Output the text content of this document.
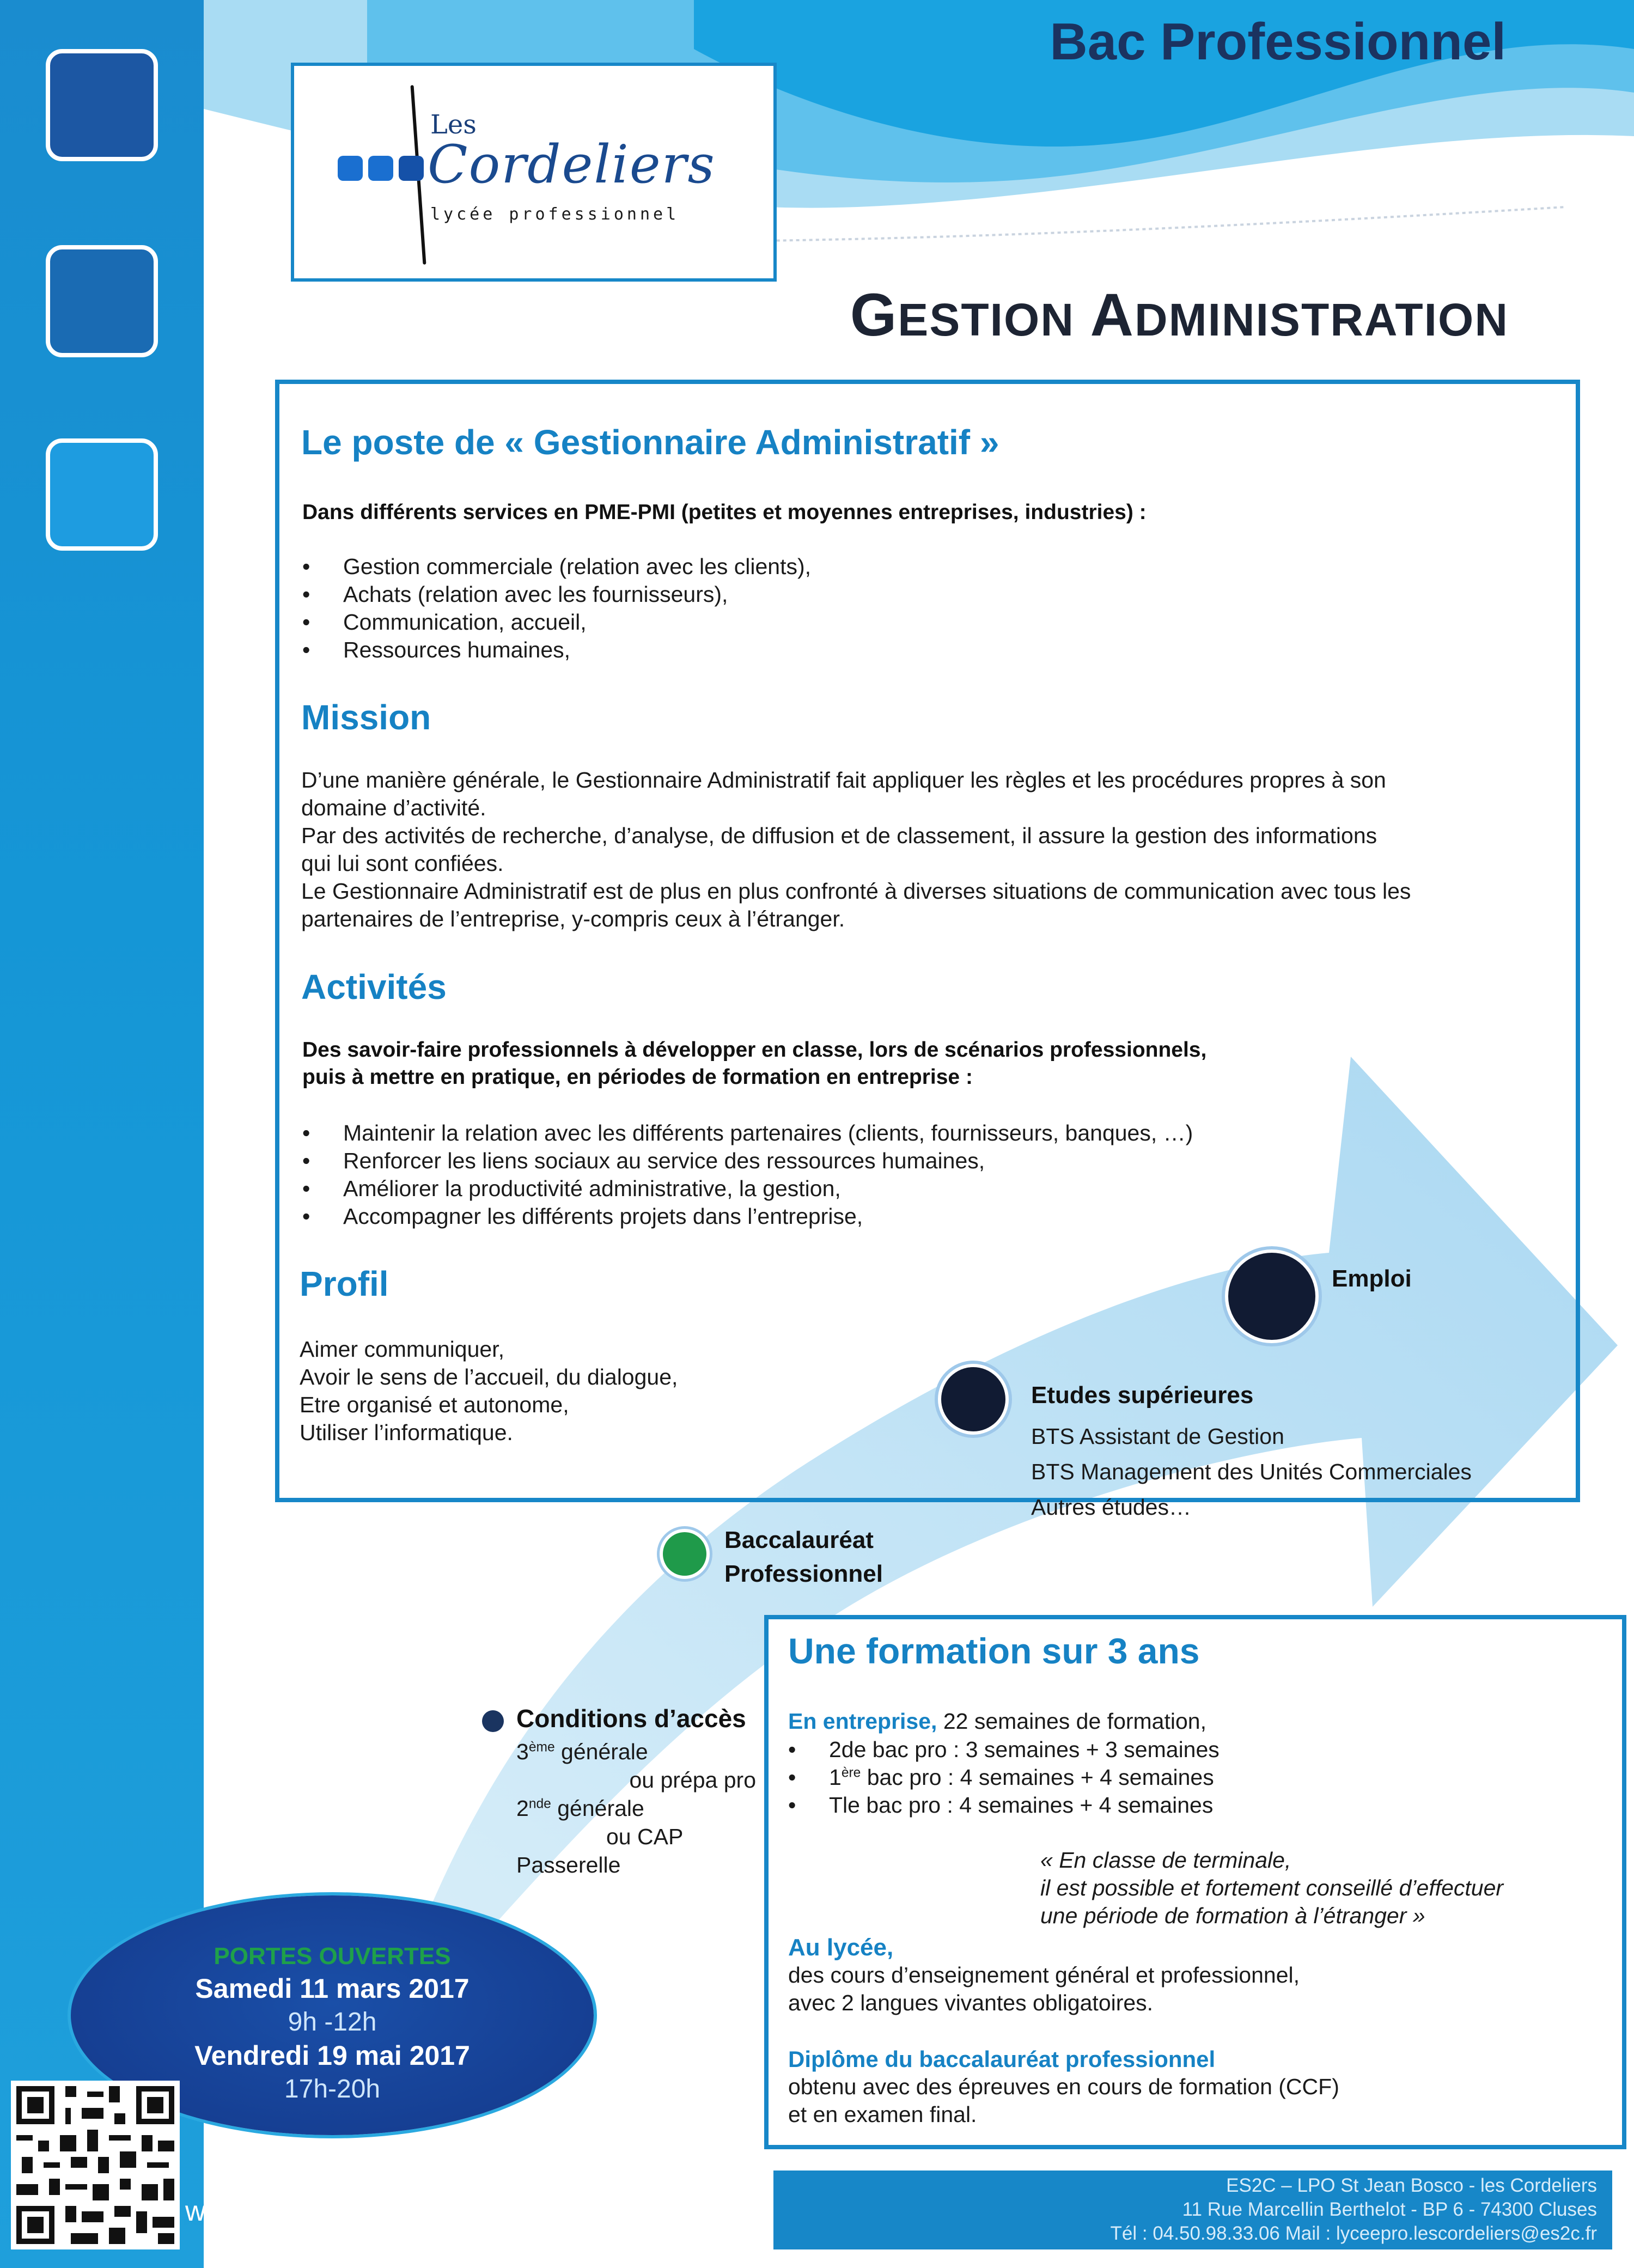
Bac Professionnel
GESTION ADMINISTRATION
Les
Cordeliers
lycée professionnel
Le poste de « Gestionnaire Administratif »
Dans différents services en PME-PMI (petites et moyennes entreprises, industries) :
• Gestion commerciale (relation avec les clients),
• Achats (relation avec les fournisseurs),
• Communication, accueil,
• Ressources humaines,
Mission
D’une manière générale, le Gestionnaire Administratif fait appliquer les règles et les procédures propres à son
domaine d’activité.
Par des activités de recherche, d’analyse, de diffusion et de classement, il assure la gestion des informations
qui lui sont confiées.
Le Gestionnaire Administratif est de plus en plus confronté à diverses situations de communication avec tous les
partenaires de l’entreprise, y-compris ceux à l’étranger.
Activités
Des savoir-faire professionnels à développer en classe, lors de scénarios professionnels,
puis à mettre en pratique, en périodes de formation en entreprise :
• Maintenir la relation avec les différents partenaires (clients, fournisseurs, banques, …)
• Renforcer les liens sociaux au service des ressources humaines,
• Améliorer la productivité administrative, la gestion,
• Accompagner les différents projets dans l’entreprise,
Profil
Aimer communiquer,
Avoir le sens de l’accueil, du dialogue,
Etre organisé et autonome,
Utiliser l’informatique.
Emploi
Etudes supérieures
BTS Assistant de Gestion
BTS Management des Unités Commerciales
Autres études…
Baccalauréat
Professionnel
Conditions d’accès
3ème générale
ou prépa pro
2nde générale
ou CAP
Passerelle
Une formation sur 3 ans
En entreprise, 22 semaines de formation,
• 2de bac pro : 3 semaines + 3 semaines
• 1ère bac pro : 4 semaines + 4 semaines
• Tle bac pro : 4 semaines + 4 semaines
« En classe de terminale,
il est possible et fortement conseillé d’effectuer
une période de formation à l’étranger »
Au lycée,
des cours d’enseignement général et professionnel,
avec 2 langues vivantes obligatoires.
Diplôme du baccalauréat professionnel
obtenu avec des épreuves en cours de formation (CCF)
et en examen final.
PORTES OUVERTES
Samedi 11 mars 2017
9h -12h
Vendredi 19 mai 2017
17h-20h
www.lescordeliers-cluses.fr/
ES2C – LPO St Jean Bosco - les Cordeliers
11 Rue Marcellin Berthelot - BP 6 - 74300 Cluses
Tél : 04.50.98.33.06 Mail : lyceepro.lescordeliers@es2c.fr
